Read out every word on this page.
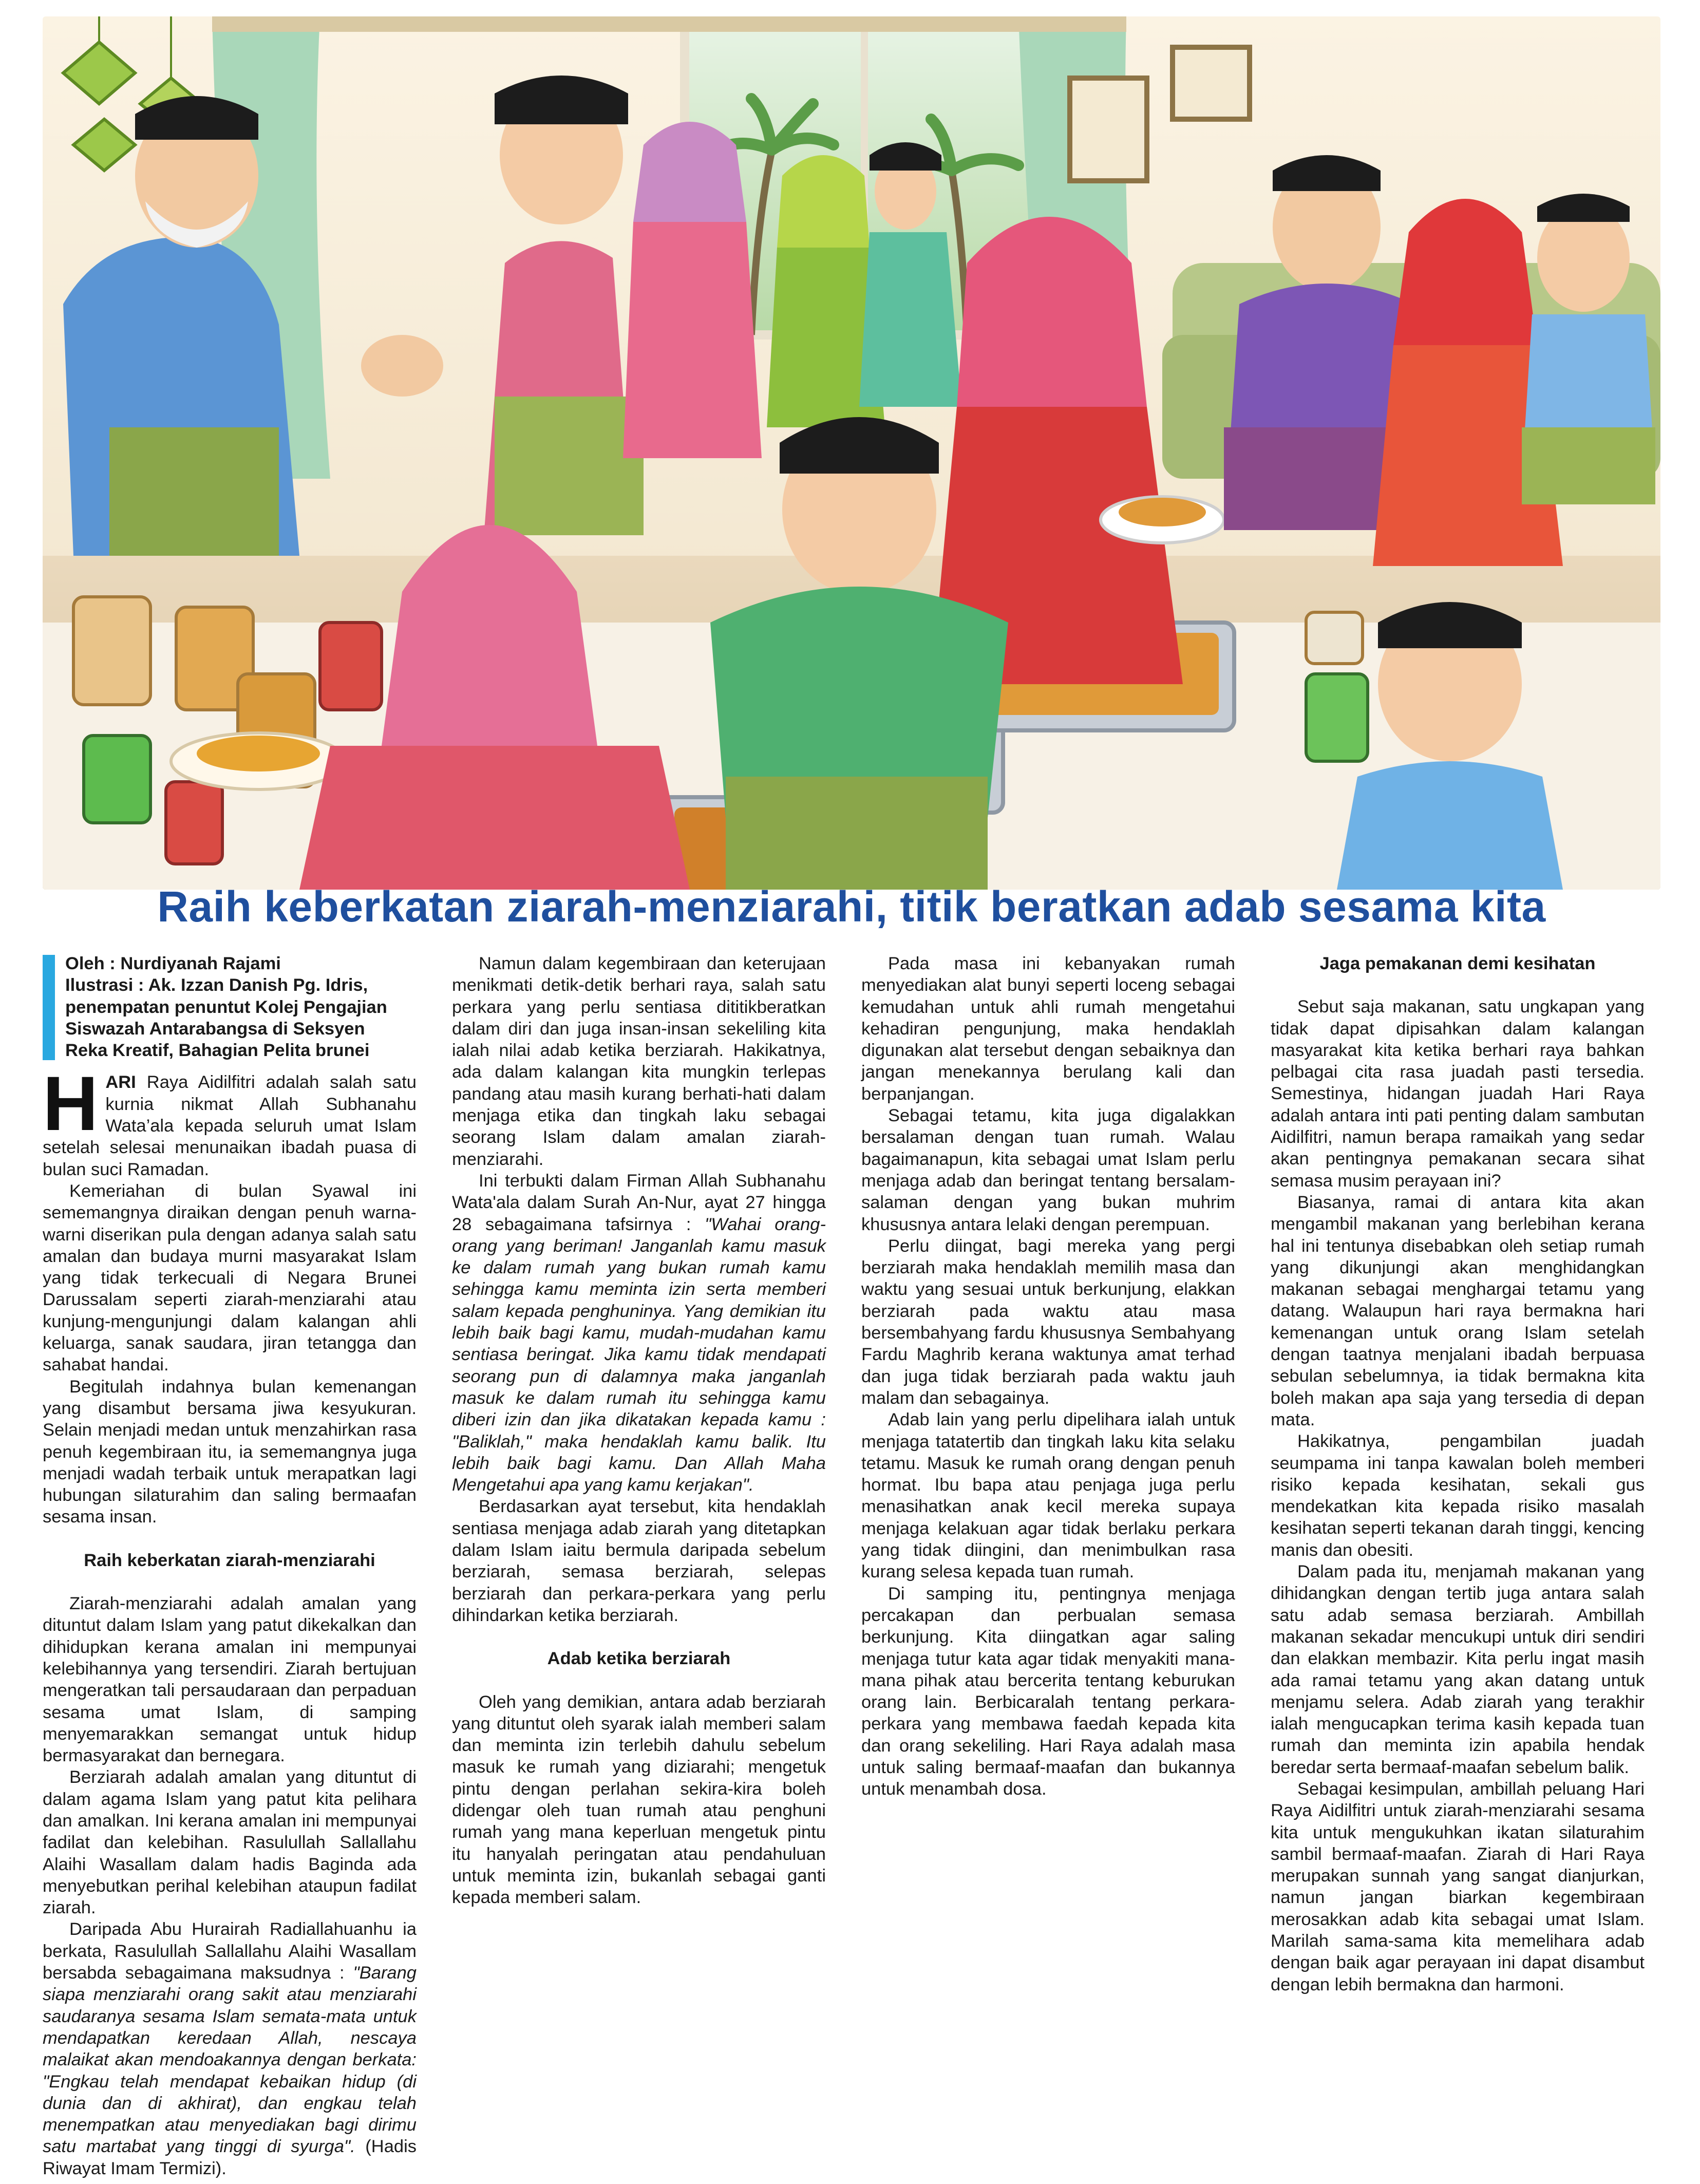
Raih keberkatan ziarah-menziarahi, titik beratkan adab sesama kita
Oleh : Nurdiyanah Rajami
Ilustrasi : Ak. Izzan Danish Pg. Idris,
penempatan penuntut Kolej Pengajian
Siswazah Antarabangsa di Seksyen
Reka Kreatif, Bahagian Pelita brunei

HARI Raya Aidilfitri adalah salah satu kurnia nikmat Allah Subhanahu Wata’ala kepada seluruh umat Islam setelah selesai menunaikan ibadah puasa di bulan suci Ramadan.

Kemeriahan di bulan Syawal ini sememangnya diraikan dengan penuh warna-warni diserikan pula dengan adanya salah satu amalan dan budaya murni masyarakat Islam yang tidak terkecuali di Negara Brunei Darussalam seperti ziarah-menziarahi atau kunjung-mengunjungi dalam kalangan ahli keluarga, sanak saudara, jiran tetangga dan sahabat handai.

Begitulah indahnya bulan kemenangan yang disambut bersama jiwa kesyukuran. Selain menjadi medan untuk menzahirkan rasa penuh kegembiraan itu, ia sememangnya juga menjadi wadah terbaik untuk merapatkan lagi hubungan silaturahim dan saling bermaafan sesama insan.

Raih keberkatan ziarah-menziarahi

Ziarah-menziarahi adalah amalan yang dituntut dalam Islam yang patut dikekalkan dan dihidupkan kerana amalan ini mempunyai kelebihannya yang tersendiri. Ziarah bertujuan mengeratkan tali persaudaraan dan perpaduan sesama umat Islam, di samping menyemarakkan semangat untuk hidup bermasyarakat dan bernegara.

Berziarah adalah amalan yang dituntut di dalam agama Islam yang patut kita pelihara dan amalkan. Ini kerana amalan ini mempunyai fadilat dan kelebihan. Rasulullah Sallallahu Alaihi Wasallam dalam hadis Baginda ada menyebutkan perihal kelebihan ataupun fadilat ziarah.

Daripada Abu Hurairah Radiallahuanhu ia berkata, Rasulullah Sallallahu Alaihi Wasallam bersabda sebagaimana maksudnya : "Barang siapa menziarahi orang sakit atau menziarahi saudaranya sesama Islam semata-mata untuk mendapatkan keredaan Allah, nescaya malaikat akan mendoakannya dengan berkata: "Engkau telah mendapat kebaikan hidup (di dunia dan di akhirat), dan engkau telah menempatkan atau menyediakan bagi dirimu satu martabat yang tinggi di syurga". (Hadis Riwayat Imam Termizi).

Namun dalam kegembiraan dan keterujaan menikmati detik-detik berhari raya, salah satu perkara yang perlu sentiasa dititikberatkan dalam diri dan juga insan-insan sekeliling kita ialah nilai adab ketika berziarah. Hakikatnya, ada dalam kalangan kita mungkin terlepas pandang atau masih kurang berhati-hati dalam menjaga etika dan tingkah laku sebagai seorang Islam dalam amalan ziarah-menziarahi.

Ini terbukti dalam Firman Allah Subhanahu Wata'ala dalam Surah An-Nur, ayat 27 hingga 28 sebagaimana tafsirnya : "Wahai orang-orang yang beriman! Janganlah kamu masuk ke dalam rumah yang bukan rumah kamu sehingga kamu meminta izin serta memberi salam kepada penghuninya. Yang demikian itu lebih baik bagi kamu, mudah-mudahan kamu sentiasa beringat. Jika kamu tidak mendapati seorang pun di dalamnya maka janganlah masuk ke dalam rumah itu sehingga kamu diberi izin dan jika dikatakan kepada kamu : "Baliklah," maka hendaklah kamu balik. Itu lebih baik bagi kamu. Dan Allah Maha Mengetahui apa yang kamu kerjakan".

Berdasarkan ayat tersebut, kita hendaklah sentiasa menjaga adab ziarah yang ditetapkan dalam Islam iaitu bermula daripada sebelum berziarah, semasa berziarah, selepas berziarah dan perkara-perkara yang perlu dihindarkan ketika berziarah.

Adab ketika berziarah

Oleh yang demikian, antara adab berziarah yang dituntut oleh syarak ialah memberi salam dan meminta izin terlebih dahulu sebelum masuk ke rumah yang diziarahi; mengetuk pintu dengan perlahan sekira-kira boleh didengar oleh tuan rumah atau penghuni rumah yang mana keperluan mengetuk pintu itu hanyalah peringatan atau pendahuluan untuk meminta izin, bukanlah sebagai ganti kepada memberi salam.

Pada masa ini kebanyakan rumah menyediakan alat bunyi seperti loceng sebagai kemudahan untuk ahli rumah mengetahui kehadiran pengunjung, maka hendaklah digunakan alat tersebut dengan sebaiknya dan jangan menekannya berulang kali dan berpanjangan.

Sebagai tetamu, kita juga digalakkan bersalaman dengan tuan rumah. Walau bagaimanapun, kita sebagai umat Islam perlu menjaga adab dan beringat tentang bersalam-salaman dengan yang bukan muhrim khususnya antara lelaki dengan perempuan.

Perlu diingat, bagi mereka yang pergi berziarah maka hendaklah memilih masa dan waktu yang sesuai untuk berkunjung, elakkan berziarah pada waktu atau masa bersembahyang fardu khususnya Sembahyang Fardu Maghrib kerana waktunya amat terhad dan juga tidak berziarah pada waktu jauh malam dan sebagainya.

Adab lain yang perlu dipelihara ialah untuk menjaga tatatertib dan tingkah laku kita selaku tetamu. Masuk ke rumah orang dengan penuh hormat. Ibu bapa atau penjaga juga perlu menasihatkan anak kecil mereka supaya menjaga kelakuan agar tidak berlaku perkara yang tidak diingini, dan menimbulkan rasa kurang selesa kepada tuan rumah.

Di samping itu, pentingnya menjaga percakapan dan perbualan semasa berkunjung. Kita diingatkan agar saling menjaga tutur kata agar tidak menyakiti mana-mana pihak atau bercerita tentang keburukan orang lain. Berbicaralah tentang perkara-perkara yang membawa faedah kepada kita dan orang sekeliling. Hari Raya adalah masa untuk saling bermaaf-maafan dan bukannya untuk menambah dosa.

Jaga pemakanan demi kesihatan

Sebut saja makanan, satu ungkapan yang tidak dapat dipisahkan dalam kalangan masyarakat kita ketika berhari raya bahkan pelbagai cita rasa juadah pasti tersedia. Semestinya, hidangan juadah Hari Raya adalah antara inti pati penting dalam sambutan Aidilfitri, namun berapa ramaikah yang sedar akan pentingnya pemakanan secara sihat semasa musim perayaan ini?

Biasanya, ramai di antara kita akan mengambil makanan yang berlebihan kerana hal ini tentunya disebabkan oleh setiap rumah yang dikunjungi akan menghidangkan makanan sebagai menghargai tetamu yang datang. Walaupun hari raya bermakna hari kemenangan untuk orang Islam setelah dengan taatnya menjalani ibadah berpuasa sebulan sebelumnya, ia tidak bermakna kita boleh makan apa saja yang tersedia di depan mata.

Hakikatnya, pengambilan juadah seumpama ini tanpa kawalan boleh memberi risiko kepada kesihatan, sekali gus mendekatkan kita kepada risiko masalah kesihatan seperti tekanan darah tinggi, kencing manis dan obesiti.

Dalam pada itu, menjamah makanan yang dihidangkan dengan tertib juga antara salah satu adab semasa berziarah. Ambillah makanan sekadar mencukupi untuk diri sendiri dan elakkan membazir. Kita perlu ingat masih ada ramai tetamu yang akan datang untuk menjamu selera. Adab ziarah yang terakhir ialah mengucapkan terima kasih kepada tuan rumah dan meminta izin apabila hendak beredar serta bermaaf-maafan sebelum balik.

Sebagai kesimpulan, ambillah peluang Hari Raya Aidilfitri untuk ziarah-menziarahi sesama kita untuk mengukuhkan ikatan silaturahim sambil bermaaf-maafan. Ziarah di Hari Raya merupakan sunnah yang sangat dianjurkan, namun jangan biarkan kegembiraan merosakkan adab kita sebagai umat Islam. Marilah sama-sama kita memelihara adab dengan baik agar perayaan ini dapat disambut dengan lebih bermakna dan harmoni.
